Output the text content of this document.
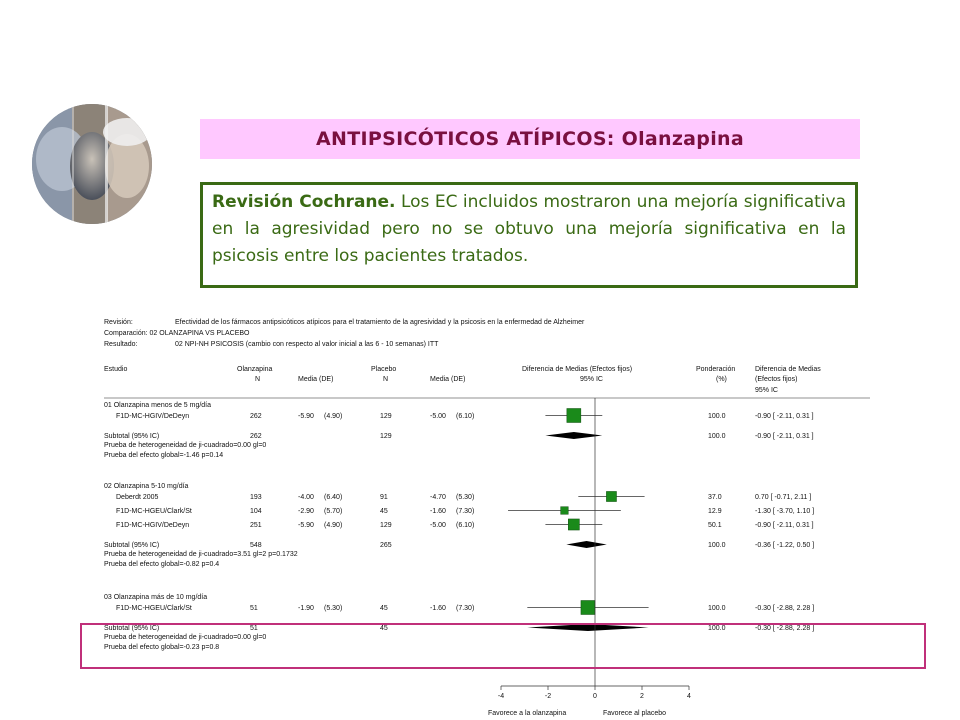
ANTIPSICÓTICOS ATÍPICOS: Olanzapina
Revisión Cochrane. Los EC incluidos mostraron una mejoría significativa en la agresividad pero no se obtuvo una mejoría significativa en la psicosis entre los pacientes tratados.
Revisión:	Efectividad de los fármacos antipsicóticos atípicos para el tratamiento de la agresividad y la psicosis en la enfermedad de Alzheimer
Comparación: 02 OLANZAPINA VS PLACEBO
Resultado:	02 NPI-NH PSICOSIS (cambio con respecto al valor inicial a las 6 - 10 semanas) ITT
Estudio	Olanzapina
N	Media (DE)
Placebo
N	Media (DE)
Diferencia de Medias (Efectos fijos)
95% IC
Ponderación
(%)
Diferencia de Medias
(Efectos fijos)
95% IC
01 Olanzapina menos de 5 mg/día
F1D-MC-HGIV/DeDeyn	262	-5.90 (4.90)	129	-5.00 (6.10)	100.0	-0.90 [ -2.11, 0.31 ]
Subtotal (95% IC)	262	129	100.0	-0.90 [ -2.11, 0.31 ]
Prueba de heterogeneidad de ji-cuadrado=0.00 gl=0
Prueba del efecto global=-1.46 p=0.14
02 Olanzapina 5-10 mg/día
Deberdt 2005	193	-4.00 (6.40)	91	-4.70 (5.30)	37.0	0.70 [ -0.71, 2.11 ]
F1D-MC-HGEU/Clark/St	104	-2.90 (5.70)	45	-1.60 (7.30)	12.9	-1.30 [ -3.70, 1.10 ]
F1D-MC-HGIV/DeDeyn	251	-5.90 (4.90)	129	-5.00 (6.10)	50.1	-0.90 [ -2.11, 0.31 ]
Subtotal (95% IC)	548	265	100.0	-0.36 [ -1.22, 0.50 ]
Prueba de heterogeneidad de ji-cuadrado=3.51 gl=2 p=0.1732
Prueba del efecto global=-0.82 p=0.4
03 Olanzapina más de 10 mg/día
F1D-MC-HGEU/Clark/St	51	-1.90 (5.30)	45	-1.60 (7.30)	100.0	-0.30 [ -2.88, 2.28 ]
Subtotal (95% IC)	51	45	100.0	-0.30 [ -2.88, 2.28 ]
Prueba de heterogeneidad de ji-cuadrado=0.00 gl=0
Prueba del efecto global=-0.23 p=0.8
-4	-2	0	2	4
Favorece a la olanzapina	Favorece al placebo
